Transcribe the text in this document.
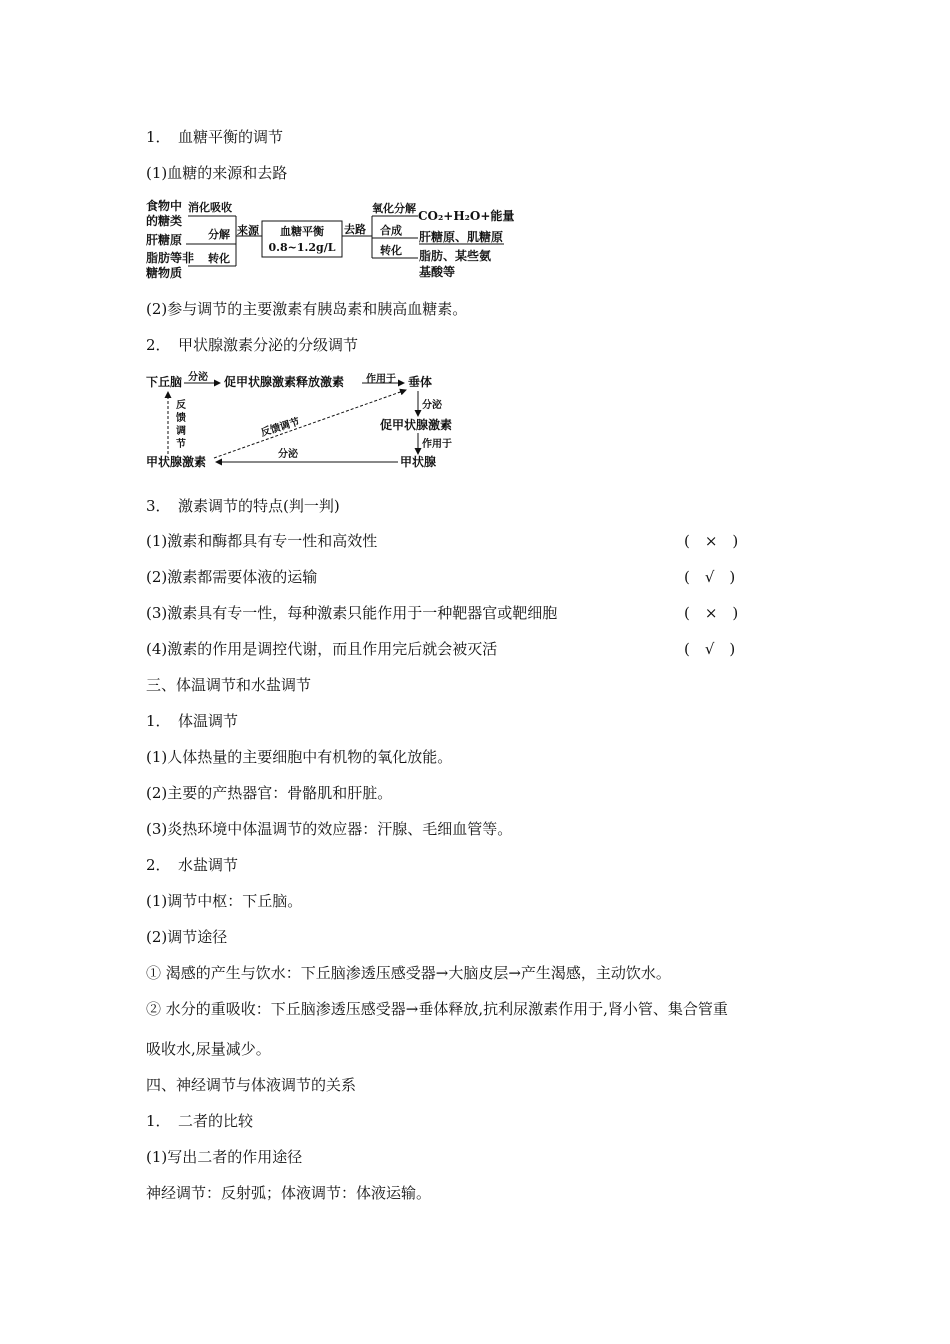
1．　血糖平衡的调节
(1)血糖的来源和去路
食物中
的糖类
肝糖原
脂肪等非
糖物质
消化吸收
分解
转化
来源 血糖平衡
0.8~1.2g/L
去路
氧化分解
合成
转化
CO₂+H₂O+能量
肝糖原、肌糖原
脂肪、某些氨
基酸等
(2)参与调节的主要激素有胰岛素和胰高血糖素。
2．　甲状腺激素分泌的分级调节
下丘脑	促甲状腺激素释放激素	垂体
促甲状腺激素
甲状腺
甲状腺激素
分泌	作用于
分泌
作用于
分泌
反馈调节
反
馈
调
节
3．　激素调节的特点(判一判)
(1)激素和酶都具有专一性和高效性	(　×　)
(2)激素都需要体液的运输	(　√　)
(3)激素具有专一性，每种激素只能作用于一种靶器官或靶细胞	(　×　)
(4)激素的作用是调控代谢，而且作用完后就会被灭活	(　√　)
三、体温调节和水盐调节
1．　体温调节
(1)人体热量的主要细胞中有机物的氧化放能。
(2)主要的产热器官：骨骼肌和肝脏。
(3)炎热环境中体温调节的效应器：汗腺、毛细血管等。
2．　水盐调节
(1)调节中枢：下丘脑。
(2)调节途径
① 渴感的产生与饮水：下丘脑渗透压感受器→大脑皮层→产生渴感，主动饮水。
② 水分的重吸收：下丘脑渗透压感受器→垂体释放,抗利尿激素作用于,肾小管、集合管重
吸收水,尿量减少。
四、神经调节与体液调节的关系
1．　二者的比较
(1)写出二者的作用途径
神经调节：反射弧；体液调节：体液运输。
